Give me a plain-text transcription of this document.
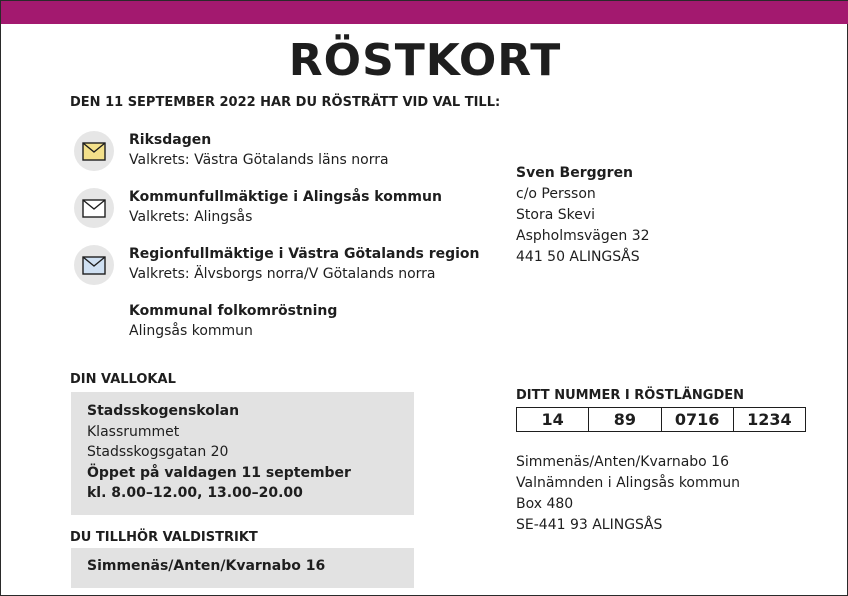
RÖSTKORT
DEN 11 SEPTEMBER 2022 HAR DU RÖSTRÄTT VID VAL TILL:
Riksdagen
Valkrets: Västra Götalands läns norra
Kommunfullmäktige i Alingsås kommun
Valkrets: Alingsås
Regionfullmäktige i Västra Götalands region
Valkrets: Älvsborgs norra/V Götalands norra
Kommunal folkomröstning
Alingsås kommun
Sven Berggren
c/o Persson
Stora Skevi
Aspholmsvägen 32
441 50 ALINGSÅS
DIN VALLOKAL
Stadsskogenskolan
Klassrummet
Stadsskogsgatan 20
Öppet på valdagen 11 september
kl. 8.00–12.00, 13.00–20.00
DU TILLHÖR VALDISTRIKT
Simmenäs/Anten/Kvarnabo 16
DITT NUMMER I RÖSTLÄNGDEN
14	89	0716	1234
Simmenäs/Anten/Kvarnabo 16
Valnämnden i Alingsås kommun
Box 480
SE-441 93 ALINGSÅS
